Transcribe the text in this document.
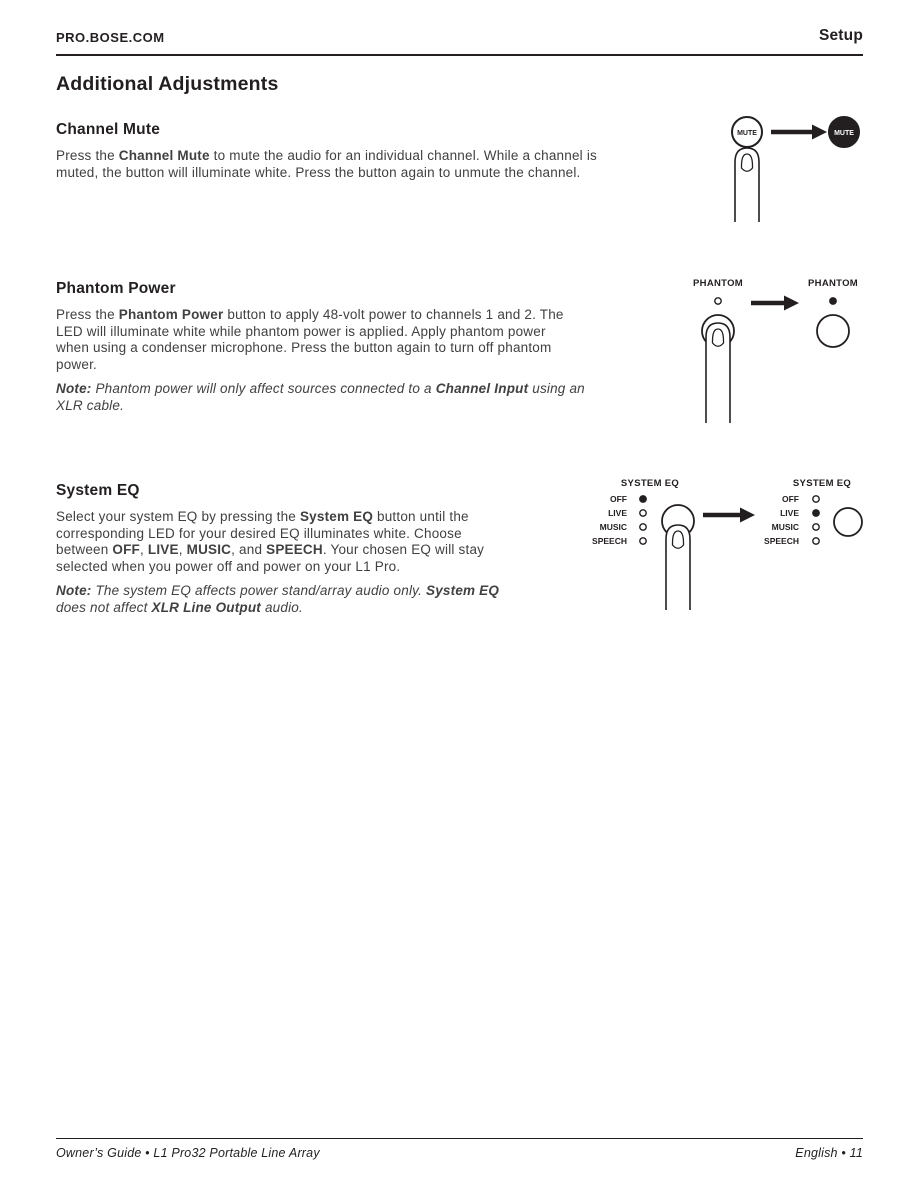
PRO.BOSE.COM	Setup
Additional Adjustments
Channel Mute

Press the Channel Mute to mute the audio for an individual channel. While a channel is
muted, the button will illuminate white. Press the button again to unmute the channel.

MUTE	MUTE
Phantom Power

Press the Phantom Power button to apply 48-volt power to channels 1 and 2. The
LED will illuminate white while phantom power is applied. Apply phantom power
when using a condenser microphone. Press the button again to turn off phantom
power.

Note: Phantom power will only affect sources connected to a Channel Input using an
XLR cable.

PHANTOM	PHANTOM
System EQ

Select your system EQ by pressing the System EQ button until the
corresponding LED for your desired EQ illuminates white. Choose
between OFF, LIVE, MUSIC, and SPEECH. Your chosen EQ will stay
selected when you power off and power on your L1 Pro.

Note: The system EQ affects power stand/array audio only. System EQ
does not affect XLR Line Output audio.

SYSTEM EQ
OFF
LIVE
MUSIC
SPEECH
SYSTEM EQ
OFF
LIVE
MUSIC
SPEECH
Owner’s Guide • L1 Pro32 Portable Line Array	English • 11
